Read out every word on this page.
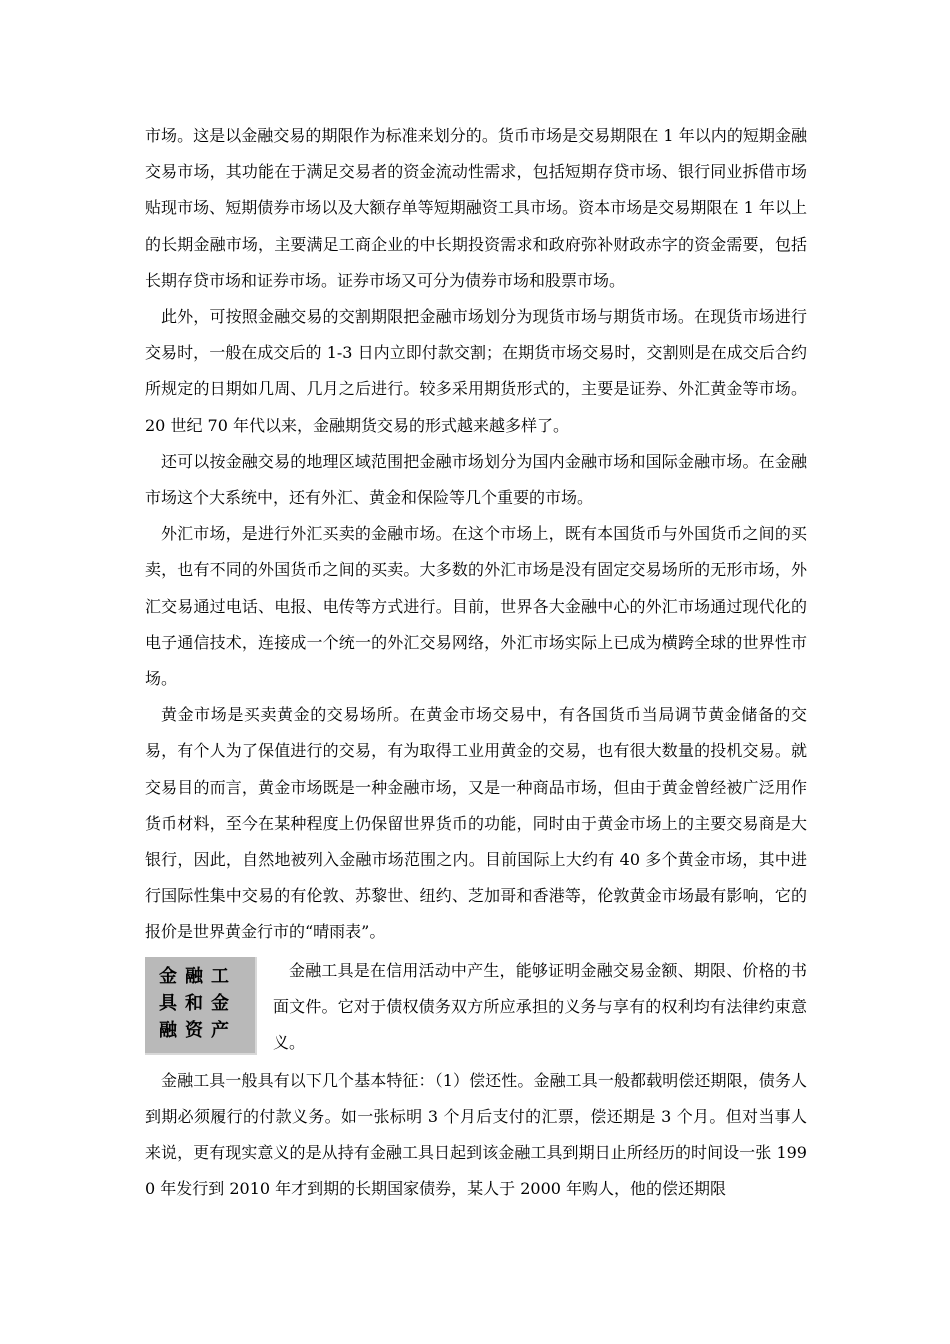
市场。这是以金融交易的期限作为标准来划分的。货币市场是交易期限在 1 年以内的短期金融交易市场，其功能在于满足交易者的资金流动性需求，包括短期存贷市场、银行同业拆借市场贴现市场、短期债券市场以及大额存单等短期融资工具市场。资本市场是交易期限在 1 年以上的长期金融市场，主要满足工商企业的中长期投资需求和政府弥补财政赤字的资金需要，包括长期存贷市场和证券市场。证券市场又可分为债券市场和股票市场。

此外，可按照金融交易的交割期限把金融市场划分为现货市场与期货市场。在现货市场进行交易时，一般在成交后的 1-3 日内立即付款交割；在期货市场交易时，交割则是在成交后合约所规定的日期如几周、几月之后进行。较多采用期货形式的，主要是证券、外汇黄金等市场。20 世纪 70 年代以来，金融期货交易的形式越来越多样了。

还可以按金融交易的地理区域范围把金融市场划分为国内金融市场和国际金融市场。在金融市场这个大系统中，还有外汇、黄金和保险等几个重要的市场。

外汇市场，是进行外汇买卖的金融市场。在这个市场上，既有本国货币与外国货币之间的买卖，也有不同的外国货币之间的买卖。大多数的外汇市场是没有固定交易场所的无形市场，外汇交易通过电话、电报、电传等方式进行。目前，世界各大金融中心的外汇市场通过现代化的电子通信技术，连接成一个统一的外汇交易网络，外汇市场实际上已成为横跨全球的世界性市场。

黄金市场是买卖黄金的交易场所。在黄金市场交易中，有各国货币当局调节黄金储备的交易，有个人为了保值进行的交易，有为取得工业用黄金的交易，也有很大数量的投机交易。就交易目的而言，黄金市场既是一种金融市场，又是一种商品市场，但由于黄金曾经被广泛用作货币材料，至今在某种程度上仍保留世界货币的功能，同时由于黄金市场上的主要交易商是大银行，因此，自然地被列入金融市场范围之内。目前国际上大约有 40 多个黄金市场，其中进行国际性集中交易的有伦敦、苏黎世、纽约、芝加哥和香港等，伦敦黄金市场最有影响，它的报价是世界黄金行市的“晴雨表”。

金融工
具和金
融资产

金融工具是在信用活动中产生，能够证明金融交易金额、期限、价格的书面文件。它对于债权债务双方所应承担的义务与享有的权利均有法律约束意义。

金融工具一般具有以下几个基本特征：（1）偿还性。金融工具一般都载明偿还期限，债务人到期必须履行的付款义务。如一张标明 3 个月后支付的汇票，偿还期是 3 个月。但对当事人来说，更有现实意义的是从持有金融工具日起到该金融工具到期日止所经历的时间设一张 1990 年发行到 2010 年才到期的长期国家债券，某人于 2000 年购人，他的偿还期限
